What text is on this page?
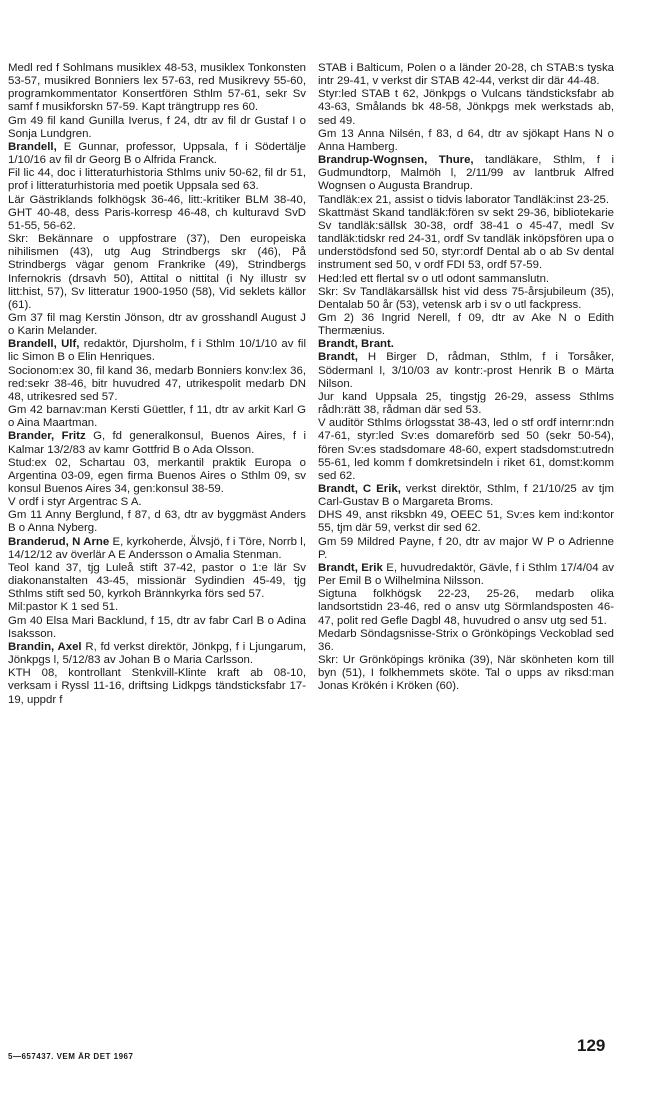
Medl red f Sohlmans musiklex 48-53, musiklex Tonkonsten 53-57, musikred Bonniers lex 57-63, red Musikrevy 55-60, programkommentator Konsertfören Sthlm 57-61, sekr Sv samf f musikforskn 57-59. Kapt trängtrupp res 60.

Gm 49 fil kand Gunilla Iverus, f 24, dtr av fil dr Gustaf I o Sonja Lundgren.

Brandell, E Gunnar, professor, Uppsala, f i Södertälje 1/10/16 av fil dr Georg B o Alfrida Franck.

Fil lic 44, doc i litteraturhistoria Sthlms univ 50-62, fil dr 51, prof i litteraturhistoria med poetik Uppsala sed 63.

Lär Gästriklands folkhögsk 36-46, litt:-kritiker BLM 38-40, GHT 40-48, dess Paris-korresp 46-48, ch kulturavd SvD 51-55, 56-62.

Skr: Bekännare o uppfostrare (37), Den europeiska nihilismen (43), utg Aug Strindbergs skr (46), På Strindbergs vägar genom Frankrike (49), Strindbergs Infernokris (drsavh 50), Attital o nittital (i Ny illustr sv litt:hist, 57), Sv litteratur 1900-1950 (58), Vid seklets källor (61).

Gm 37 fil mag Kerstin Jönson, dtr av grosshandl August J o Karin Melander.

Brandell, Ulf, redaktör, Djursholm, f i Sthlm 10/1/10 av fil lic Simon B o Elin Henriques.

Socionom:ex 30, fil kand 36, medarb Bonniers konv:lex 36, red:sekr 38-46, bitr huvudred 47, utrikespolit medarb DN 48, utrikesred sed 57.

Gm 42 barnav:man Kersti Güettler, f 11, dtr av arkit Karl G o Aina Maartman.

Brander, Fritz G, fd generalkonsul, Buenos Aires, f i Kalmar 13/2/83 av kamr Gottfrid B o Ada Olsson.

Stud:ex 02, Schartau 03, merkantil praktik Europa o Argentina 03-09, egen firma Buenos Aires o Sthlm 09, sv konsul Buenos Aires 34, gen:konsul 38-59.

V ordf i styr Argentrac S A.

Gm 11 Anny Berglund, f 87, d 63, dtr av byggmäst Anders B o Anna Nyberg.

Branderud, N Arne E, kyrkoherde, Älvsjö, f i Töre, Norrb l, 14/12/12 av överlär A E Andersson o Amalia Stenman.

Teol kand 37, tjg Luleå stift 37-42, pastor o 1:e lär Sv diakonanstalten 43-45, missionär Sydindien 45-49, tjg Sthlms stift sed 50, kyrkoh Brännkyrka förs sed 57.

Mil:pastor K 1 sed 51.

Gm 40 Elsa Mari Backlund, f 15, dtr av fabr Carl B o Adina Isaksson.

Brandin, Axel R, fd verkst direktör, Jönkpg, f i Ljungarum, Jönkpgs l, 5/12/83 av Johan B o Maria Carlsson.

KTH 08, kontrollant Stenkvill-Klinte kraft ab 08-10, verksam i Ryssl 11-16, driftsing Lidkpgs tändsticksfabr 17-19, uppdr f

STAB i Balticum, Polen o a länder 20-28, ch STAB:s tyska intr 29-41, v verkst dir STAB 42-44, verkst dir där 44-48.

Styr:led STAB t 62, Jönkpgs o Vulcans tändsticksfabr ab 43-63, Smålands bk 48-58, Jönkpgs mek werkstads ab, sed 49.

Gm 13 Anna Nilsén, f 83, d 64, dtr av sjökapt Hans N o Anna Hamberg.

Brandrup-Wognsen, Thure, tandläkare, Sthlm, f i Gudmundtorp, Malmöh l, 2/11/99 av lantbruk Alfred Wognsen o Augusta Brandrup.

Tandläk:ex 21, assist o tidvis laborator Tandläk:inst 23-25.

Skattmäst Skand tandläk:fören sv sekt 29-36, bibliotekarie Sv tandläk:sällsk 30-38, ordf 38-41 o 45-47, medl Sv tandläk:tidskr red 24-31, ordf Sv tandläk inköpsfören upa o understödsfond sed 50, styr:ordf Dental ab o ab Sv dental instrument sed 50, v ordf FDI 53, ordf 57-59.

Hed:led ett flertal sv o utl odont sammanslutn.

Skr: Sv Tandläkarsällsk hist vid dess 75-årsjubileum (35), Dentalab 50 år (53), vetensk arb i sv o utl fackpress.

Gm 2) 36 Ingrid Nerell, f 09, dtr av Ake N o Edith Thermænius.

Brandt, Brant.

Brandt, H Birger D, rådman, Sthlm, f i Torsåker, Södermanl l, 3/10/03 av kontr:-prost Henrik B o Märta Nilson.

Jur kand Uppsala 25, tingstjg 26-29, assess Sthlms rådh:rätt 38, rådman där sed 53.

V auditör Sthlms örlogsstat 38-43, led o stf ordf internr:ndn 47-61, styr:led Sv:es domareförb sed 50 (sekr 50-54), fören Sv:es stadsdomare 48-60, expert stadsdomst:utredn 55-61, led komm f domkretsindeln i riket 61, domst:komm sed 62.

Brandt, C Erik, verkst direktör, Sthlm, f 21/10/25 av tjm Carl-Gustav B o Margareta Broms.

DHS 49, anst riksbkn 49, OEEC 51, Sv:es kem ind:kontor 55, tjm där 59, verkst dir sed 62.

Gm 59 Mildred Payne, f 20, dtr av major W P o Adrienne P.

Brandt, Erik E, huvudredaktör, Gävle, f i Sthlm 17/4/04 av Per Emil B o Wilhelmina Nilsson.

Sigtuna folkhögsk 22-23, 25-26, medarb olika landsortstidn 23-46, red o ansv utg Sörmlandsposten 46-47, polit red Gefle Dagbl 48, huvudred o ansv utg sed 51.

Medarb Söndagsnisse-Strix o Grönköpings Veckoblad sed 36.

Skr: Ur Grönköpings krönika (39), När skönheten kom till byn (51), I folkhemmets sköte. Tal o upps av riksd:man Jonas Krökén i Kröken (60).

5—657437. VEM ÄR DET 1967
129
